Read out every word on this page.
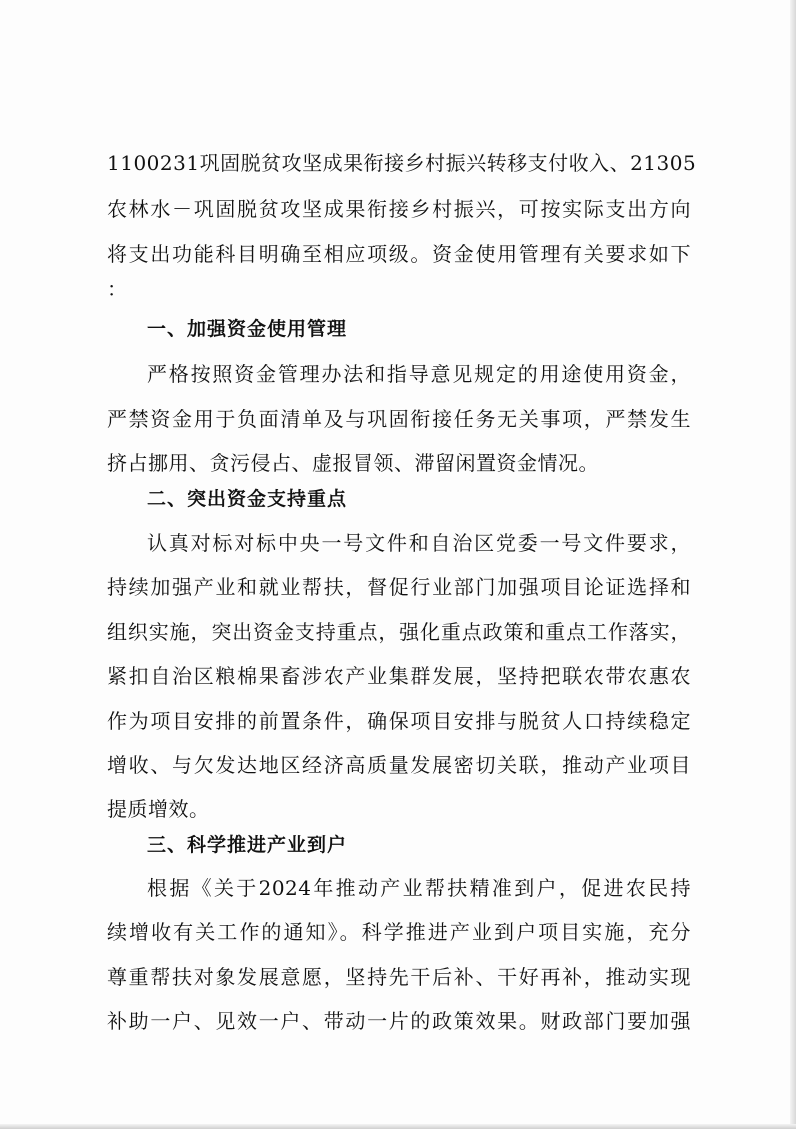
1100231巩固脱贫攻坚成果衔接乡村振兴转移支付收入、21305
农林水－巩固脱贫攻坚成果衔接乡村振兴，可按实际支出方向
将支出功能科目明确至相应项级。资金使用管理有关要求如下
：
一、加强资金使用管理
严格按照资金管理办法和指导意见规定的用途使用资金，
严禁资金用于负面清单及与巩固衔接任务无关事项，严禁发生
挤占挪用、贪污侵占、虚报冒领、滞留闲置资金情况。
二、突出资金支持重点
认真对标对标中央一号文件和自治区党委一号文件要求，
持续加强产业和就业帮扶，督促行业部门加强项目论证选择和
组织实施，突出资金支持重点，强化重点政策和重点工作落实，
紧扣自治区粮棉果畜涉农产业集群发展，坚持把联农带农惠农
作为项目安排的前置条件，确保项目安排与脱贫人口持续稳定
增收、与欠发达地区经济高质量发展密切关联，推动产业项目
提质增效。
三、科学推进产业到户
根据《关于2024年推动产业帮扶精准到户，促进农民持
续增收有关工作的通知》。科学推进产业到户项目实施，充分
尊重帮扶对象发展意愿，坚持先干后补、干好再补，推动实现
补助一户、见效一户、带动一片的政策效果。财政部门要加强
